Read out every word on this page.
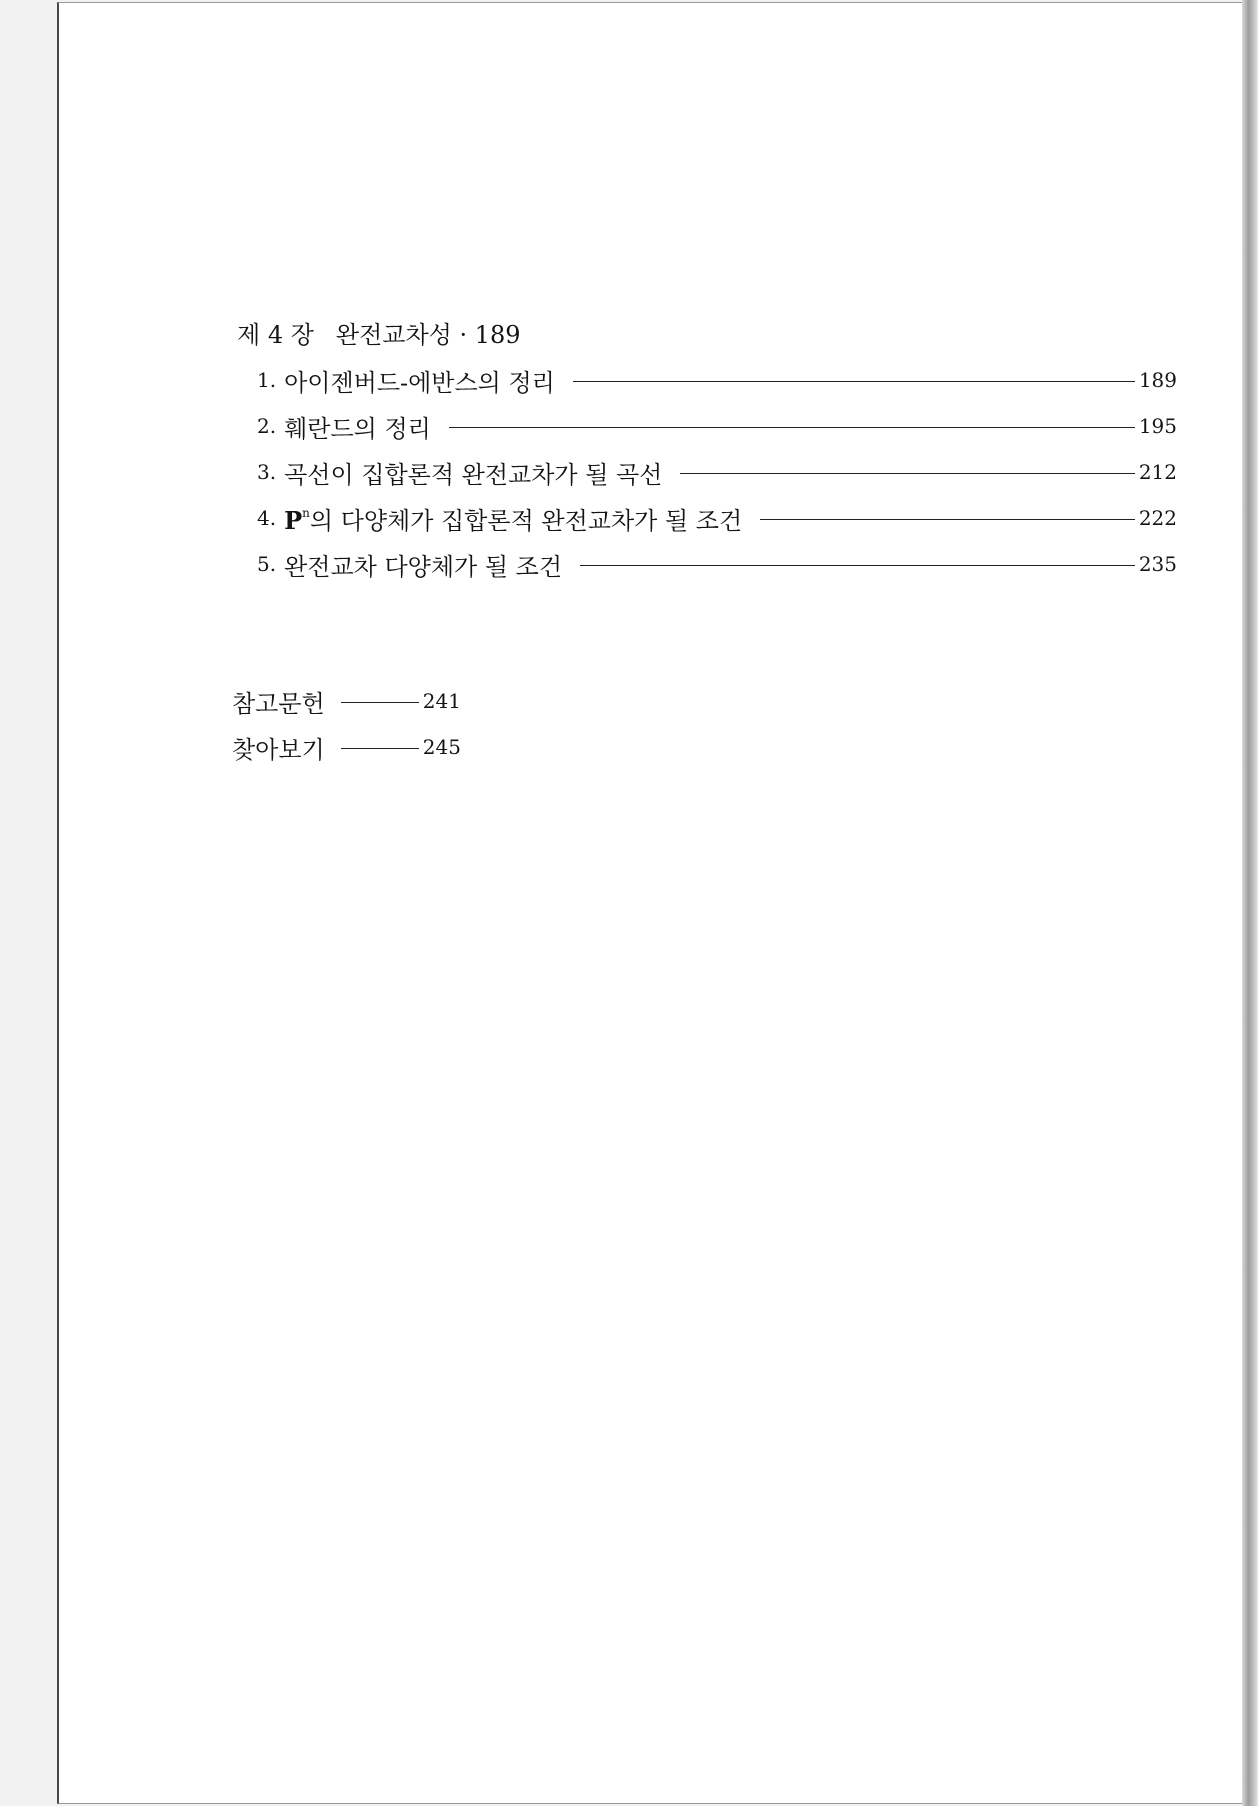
제 4 장 완전교차성 · 189
1. 아이젠버드-에반스의 정리	189
2. 훼란드의 정리	195
3. 곡선이 집합론적 완전교차가 될 곡선	212
4. $P^n$의 다양체가 집합론적 완전교차가 될 조건	222
5. 완전교차 다양체가 될 조건	235
참고문헌	241
찾아보기	245
